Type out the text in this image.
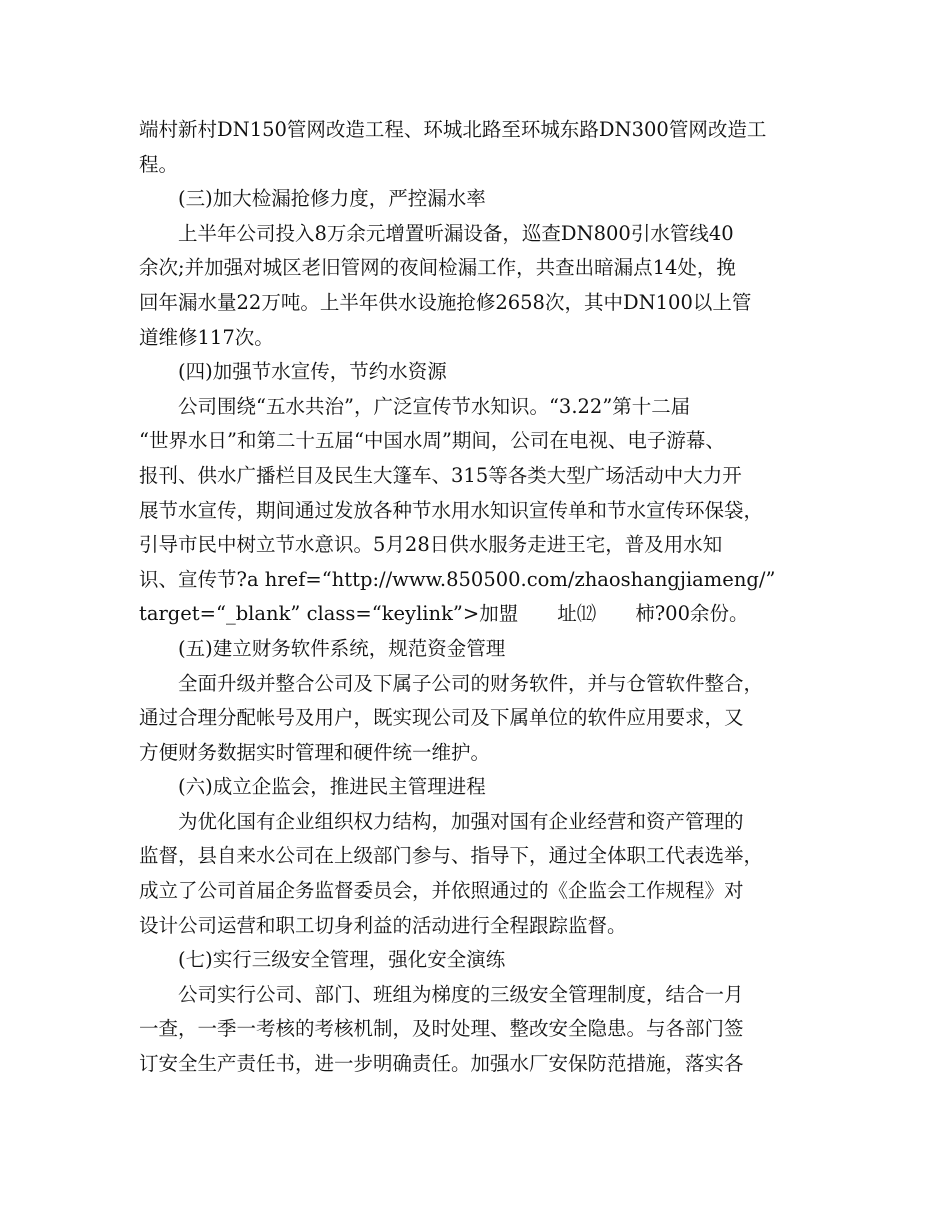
端村新村DN150管网改造工程、环城北路至环城东路DN300管网改造工
程。
(三)加大检漏抢修力度，严控漏水率
上半年公司投入8万余元增置听漏设备，巡查DN800引水管线40
余次;并加强对城区老旧管网的夜间检漏工作，共查出暗漏点14处，挽
回年漏水量22万吨。上半年供水设施抢修2658次，其中DN100以上管
道维修117次。
(四)加强节水宣传，节约水资源
公司围绕“五水共治”，广泛宣传节水知识。“3.22”第十二届
“世界水日”和第二十五届“中国水周”期间，公司在电视、电子游幕、
报刊、供水广播栏目及民生大篷车、315等各类大型广场活动中大力开
展节水宣传，期间通过发放各种节水用水知识宣传单和节水宣传环保袋，
引导市民中树立节水意识。5月28日供水服务走进王宅，普及用水知
识、宣传节?a href=“http://www.850500.com/zhaoshangjiameng/”
target=“_blank” class=“keylink”>加盟　　址⑿　　柿?00余份。
(五)建立财务软件系统，规范资金管理
全面升级并整合公司及下属子公司的财务软件，并与仓管软件整合，
通过合理分配帐号及用户，既实现公司及下属单位的软件应用要求，又
方便财务数据实时管理和硬件统一维护。
(六)成立企监会，推进民主管理进程
为优化国有企业组织权力结构，加强对国有企业经营和资产管理的
监督，县自来水公司在上级部门参与、指导下，通过全体职工代表选举，
成立了公司首届企务监督委员会，并依照通过的《企监会工作规程》对
设计公司运营和职工切身利益的活动进行全程跟踪监督。
(七)实行三级安全管理，强化安全演练
公司实行公司、部门、班组为梯度的三级安全管理制度，结合一月
一查，一季一考核的考核机制，及时处理、整改安全隐患。与各部门签
订安全生产责任书，进一步明确责任。加强水厂安保防范措施，落实各
